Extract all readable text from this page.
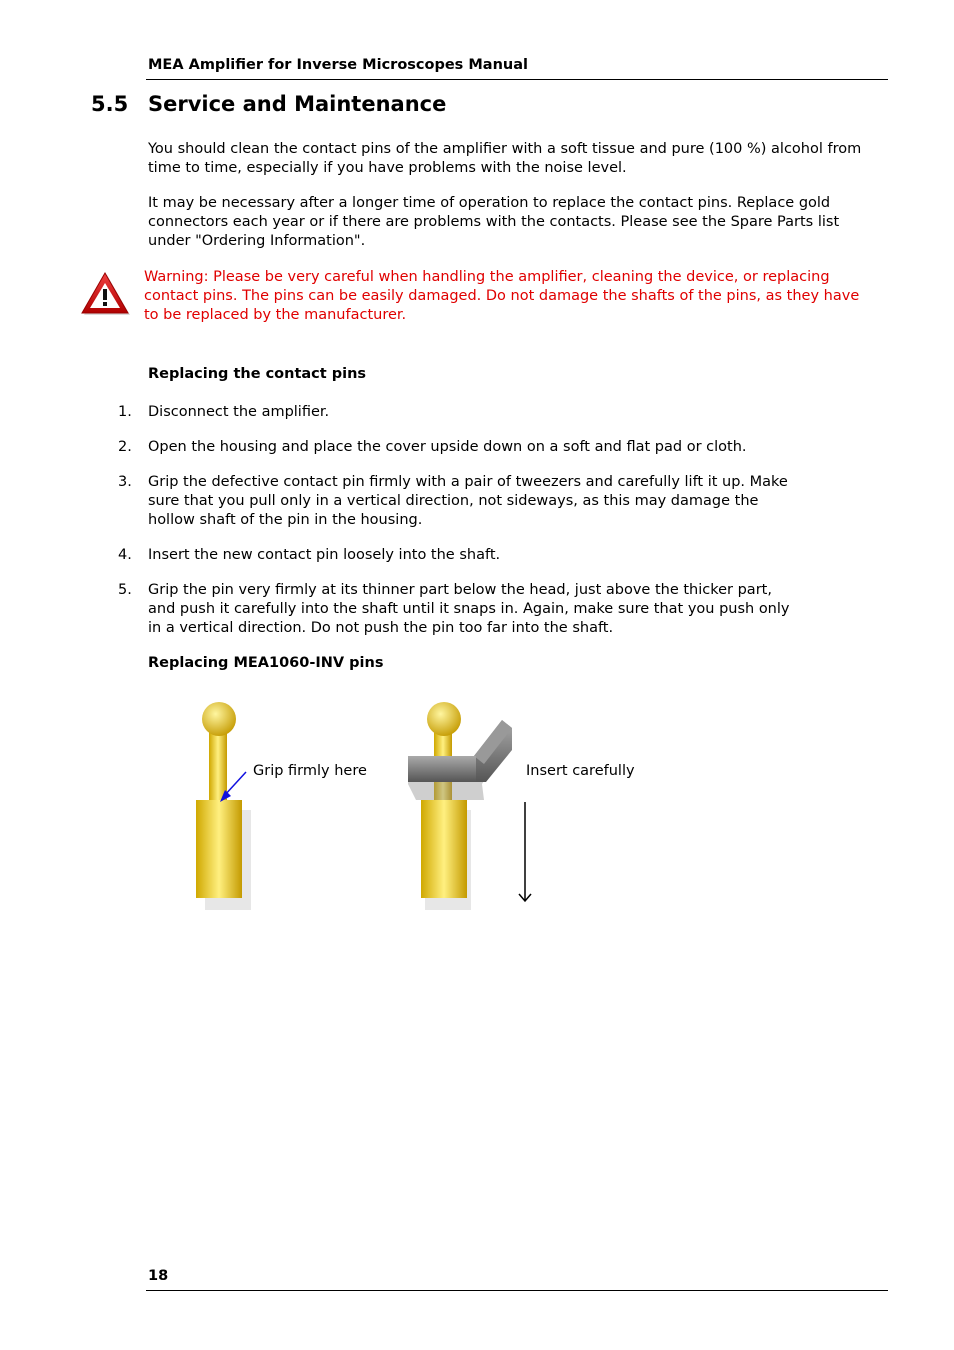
MEA Amplifier for Inverse Microscopes Manual
5.5 Service and Maintenance

You should clean the contact pins of the amplifier with a soft tissue and pure (100 %) alcohol from time to time, especially if you have problems with the noise level.

It may be necessary after a longer time of operation to replace the contact pins. Replace gold connectors each year or if there are problems with the contacts. Please see the Spare Parts list under "Ordering Information".

Warning: Please be very careful when handling the amplifier, cleaning the device, or replacing contact pins. The pins can be easily damaged. Do not damage the shafts of the pins, as they have to be replaced by the manufacturer.

Replacing the contact pins
1.	Disconnect the amplifier.
2.	Open the housing and place the cover upside down on a soft and flat pad or cloth.
3.	Grip the defective contact pin firmly with a pair of tweezers and carefully lift it up. Make sure that you pull only in a vertical direction, not sideways, as this may damage the hollow shaft of the pin in the housing.
4.	Insert the new contact pin loosely into the shaft.
5.	Grip the pin very firmly at its thinner part below the head, just above the thicker part, and push it carefully into the shaft until it snaps in. Again, make sure that you push only in a vertical direction. Do not push the pin too far into the shaft.
Replacing MEA1060-INV pins
Grip firmly here	Insert carefully
18
